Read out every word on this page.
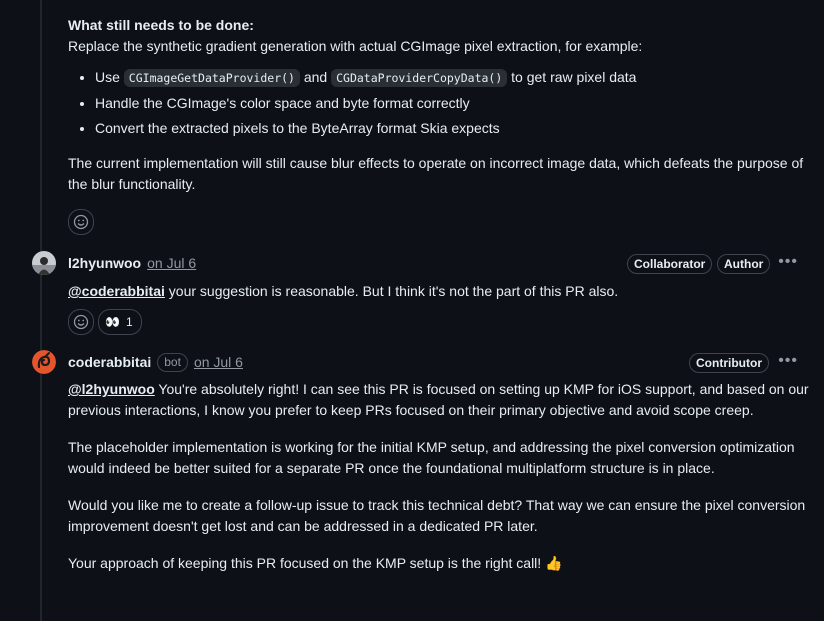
What still needs to be done:

Replace the synthetic gradient generation with actual CGImage pixel extraction, for example:

• Use CGImageGetDataProvider() and CGDataProviderCopyData() to get raw pixel data
• Handle the CGImage's color space and byte format correctly
• Convert the extracted pixels to the ByteArray format Skia expects

The current implementation will still cause blur effects to operate on incorrect image data, which defeats the purpose of the blur functionality.

l2hyunwoo on Jul 6	Collaborator	Author •••

@coderabbitai your suggestion is reasonable. But I think it's not the part of this PR also.

👀 1
coderabbitai	bot on Jul 6	Contributor	•••

@l2hyunwoo You're absolutely right! I can see this PR is focused on setting up KMP for iOS support, and based on our previous interactions, I know you prefer to keep PRs focused on their primary objective and avoid scope creep.

The placeholder implementation is working for the initial KMP setup, and addressing the pixel conversion optimization would indeed be better suited for a separate PR once the foundational multiplatform structure is in place.

Would you like me to create a follow-up issue to track this technical debt? That way we can ensure the pixel conversion improvement doesn't get lost and can be addressed in a dedicated PR later.

Your approach of keeping this PR focused on the KMP setup is the right call! 👍
